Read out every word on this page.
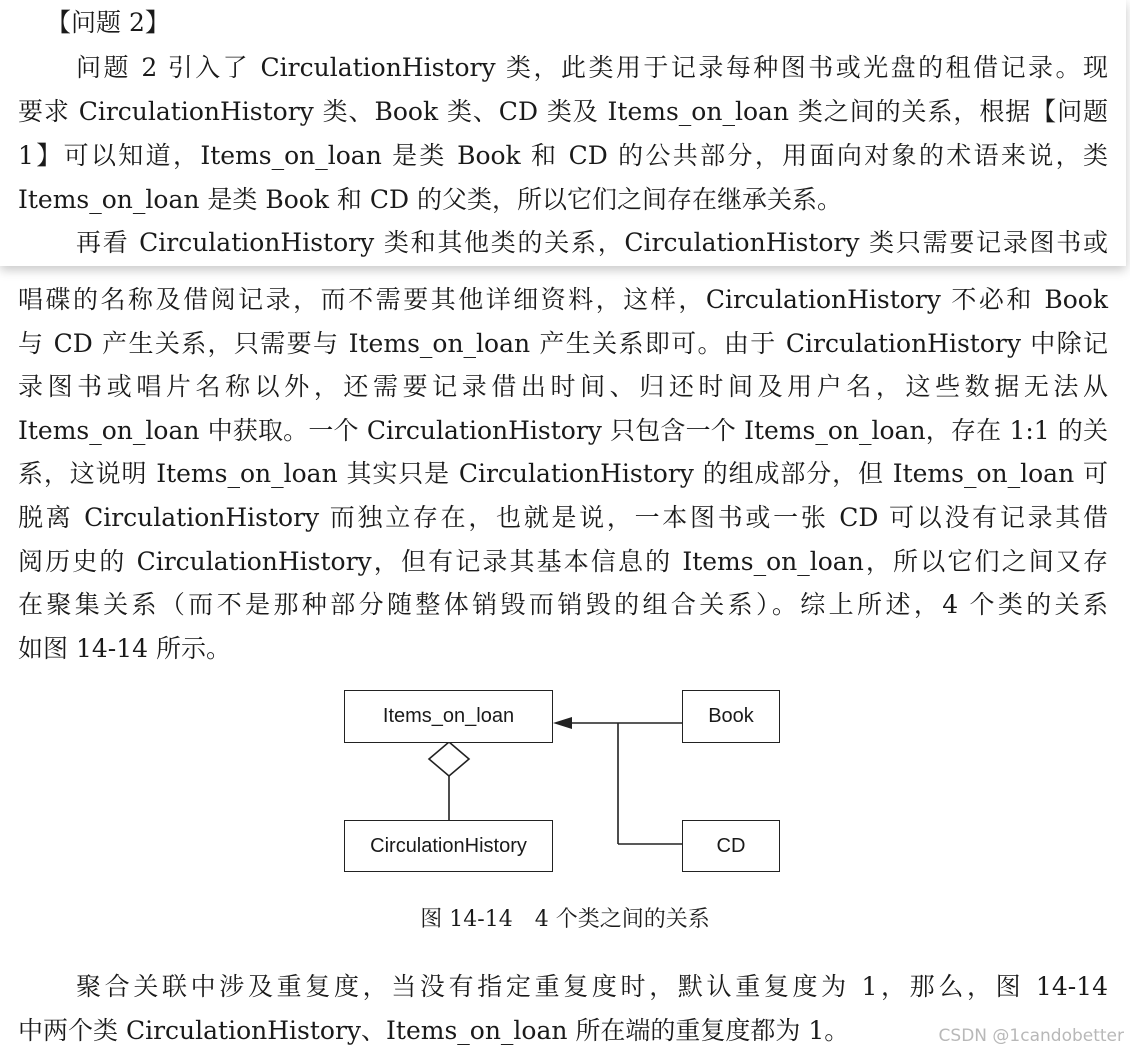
【问题 2】
问题 2 引入了 CirculationHistory 类，此类用于记录每种图书或光盘的租借记录。现
要求 CirculationHistory 类、Book 类、CD 类及 Items_on_loan 类之间的关系，根据【问题
1】可以知道，Items_on_loan 是类 Book 和 CD 的公共部分，用面向对象的术语来说，类
Items_on_loan 是类 Book 和 CD 的父类，所以它们之间存在继承关系。
再看 CirculationHistory 类和其他类的关系，CirculationHistory 类只需要记录图书或
唱碟的名称及借阅记录，而不需要其他详细资料，这样，CirculationHistory 不必和 Book
与 CD 产生关系，只需要与 Items_on_loan 产生关系即可。由于 CirculationHistory 中除记
录图书或唱片名称以外，还需要记录借出时间、归还时间及用户名，这些数据无法从
Items_on_loan 中获取。一个 CirculationHistory 只包含一个 Items_on_loan，存在 1:1 的关
系，这说明 Items_on_loan 其实只是 CirculationHistory 的组成部分，但 Items_on_loan 可
脱离 CirculationHistory 而独立存在，也就是说，一本图书或一张 CD 可以没有记录其借
阅历史的 CirculationHistory，但有记录其基本信息的 Items_on_loan，所以它们之间又存
在聚集关系（而不是那种部分随整体销毁而销毁的组合关系）。综上所述，4 个类的关系
如图 14-14 所示。
Items_on_loan	Book
CirculationHistory	CD
图 14-14　4 个类之间的关系
聚合关联中涉及重复度，当没有指定重复度时，默认重复度为 1，那么，图 14-14
中两个类 CirculationHistory、Items_on_loan 所在端的重复度都为 1。	CSDN @1candobetter
